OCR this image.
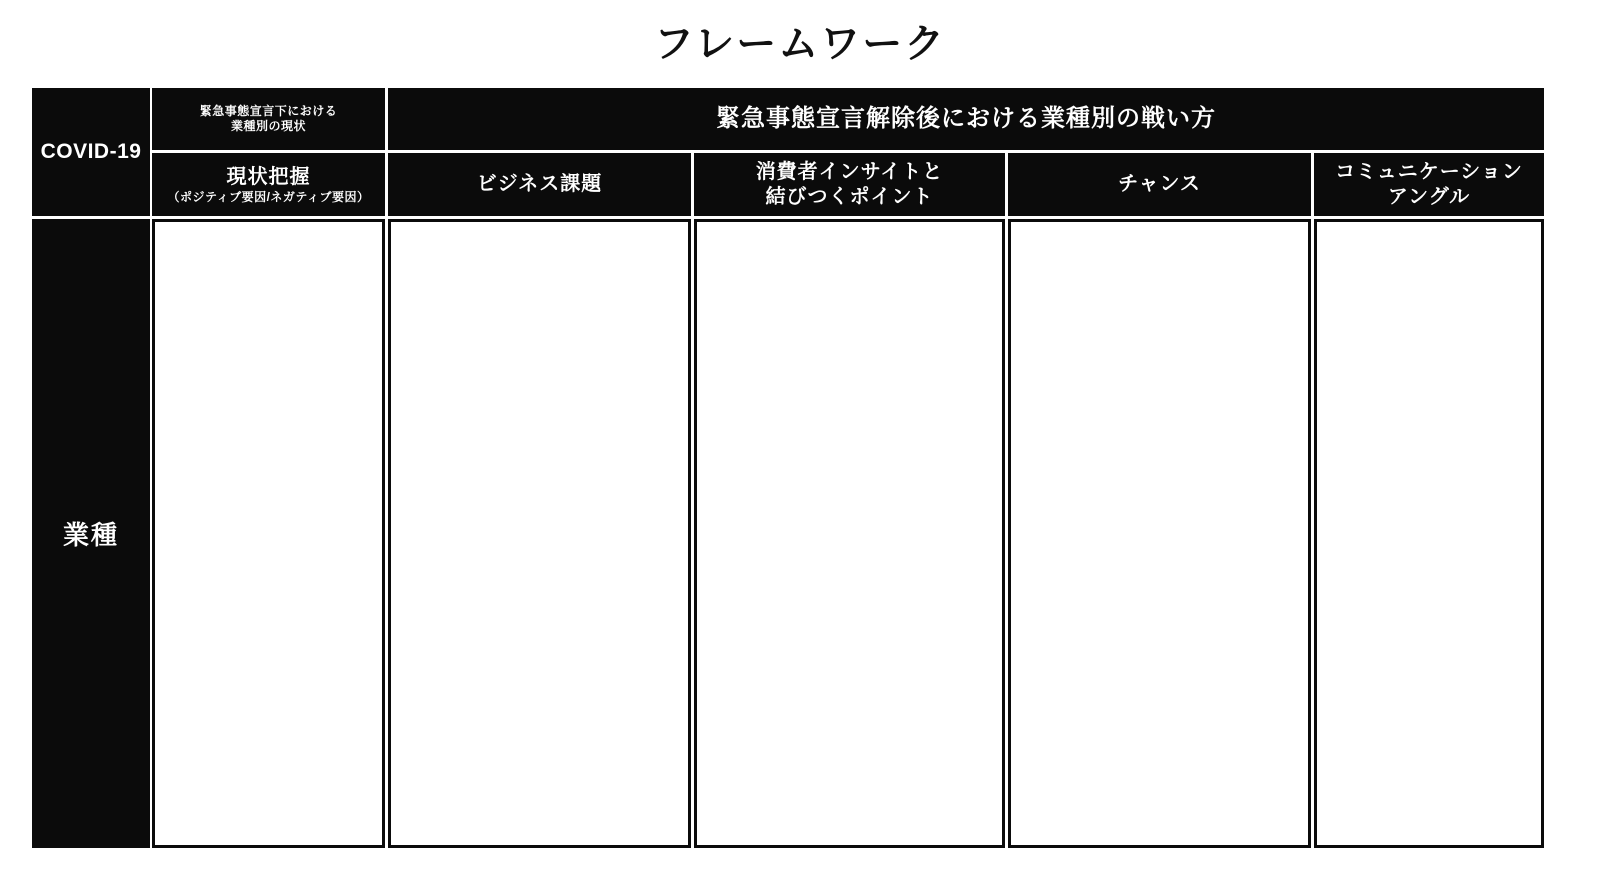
フレームワーク
COVID-19
業種
緊急事態宣言下における
業種別の現状	緊急事態宣言解除後における業種別の戦い方
現状把握
（ポジティブ要因/ネガティブ要因）
ビジネス課題
消費者インサイトと
結びつくポイント
チャンス
コミュニケーション
アングル
